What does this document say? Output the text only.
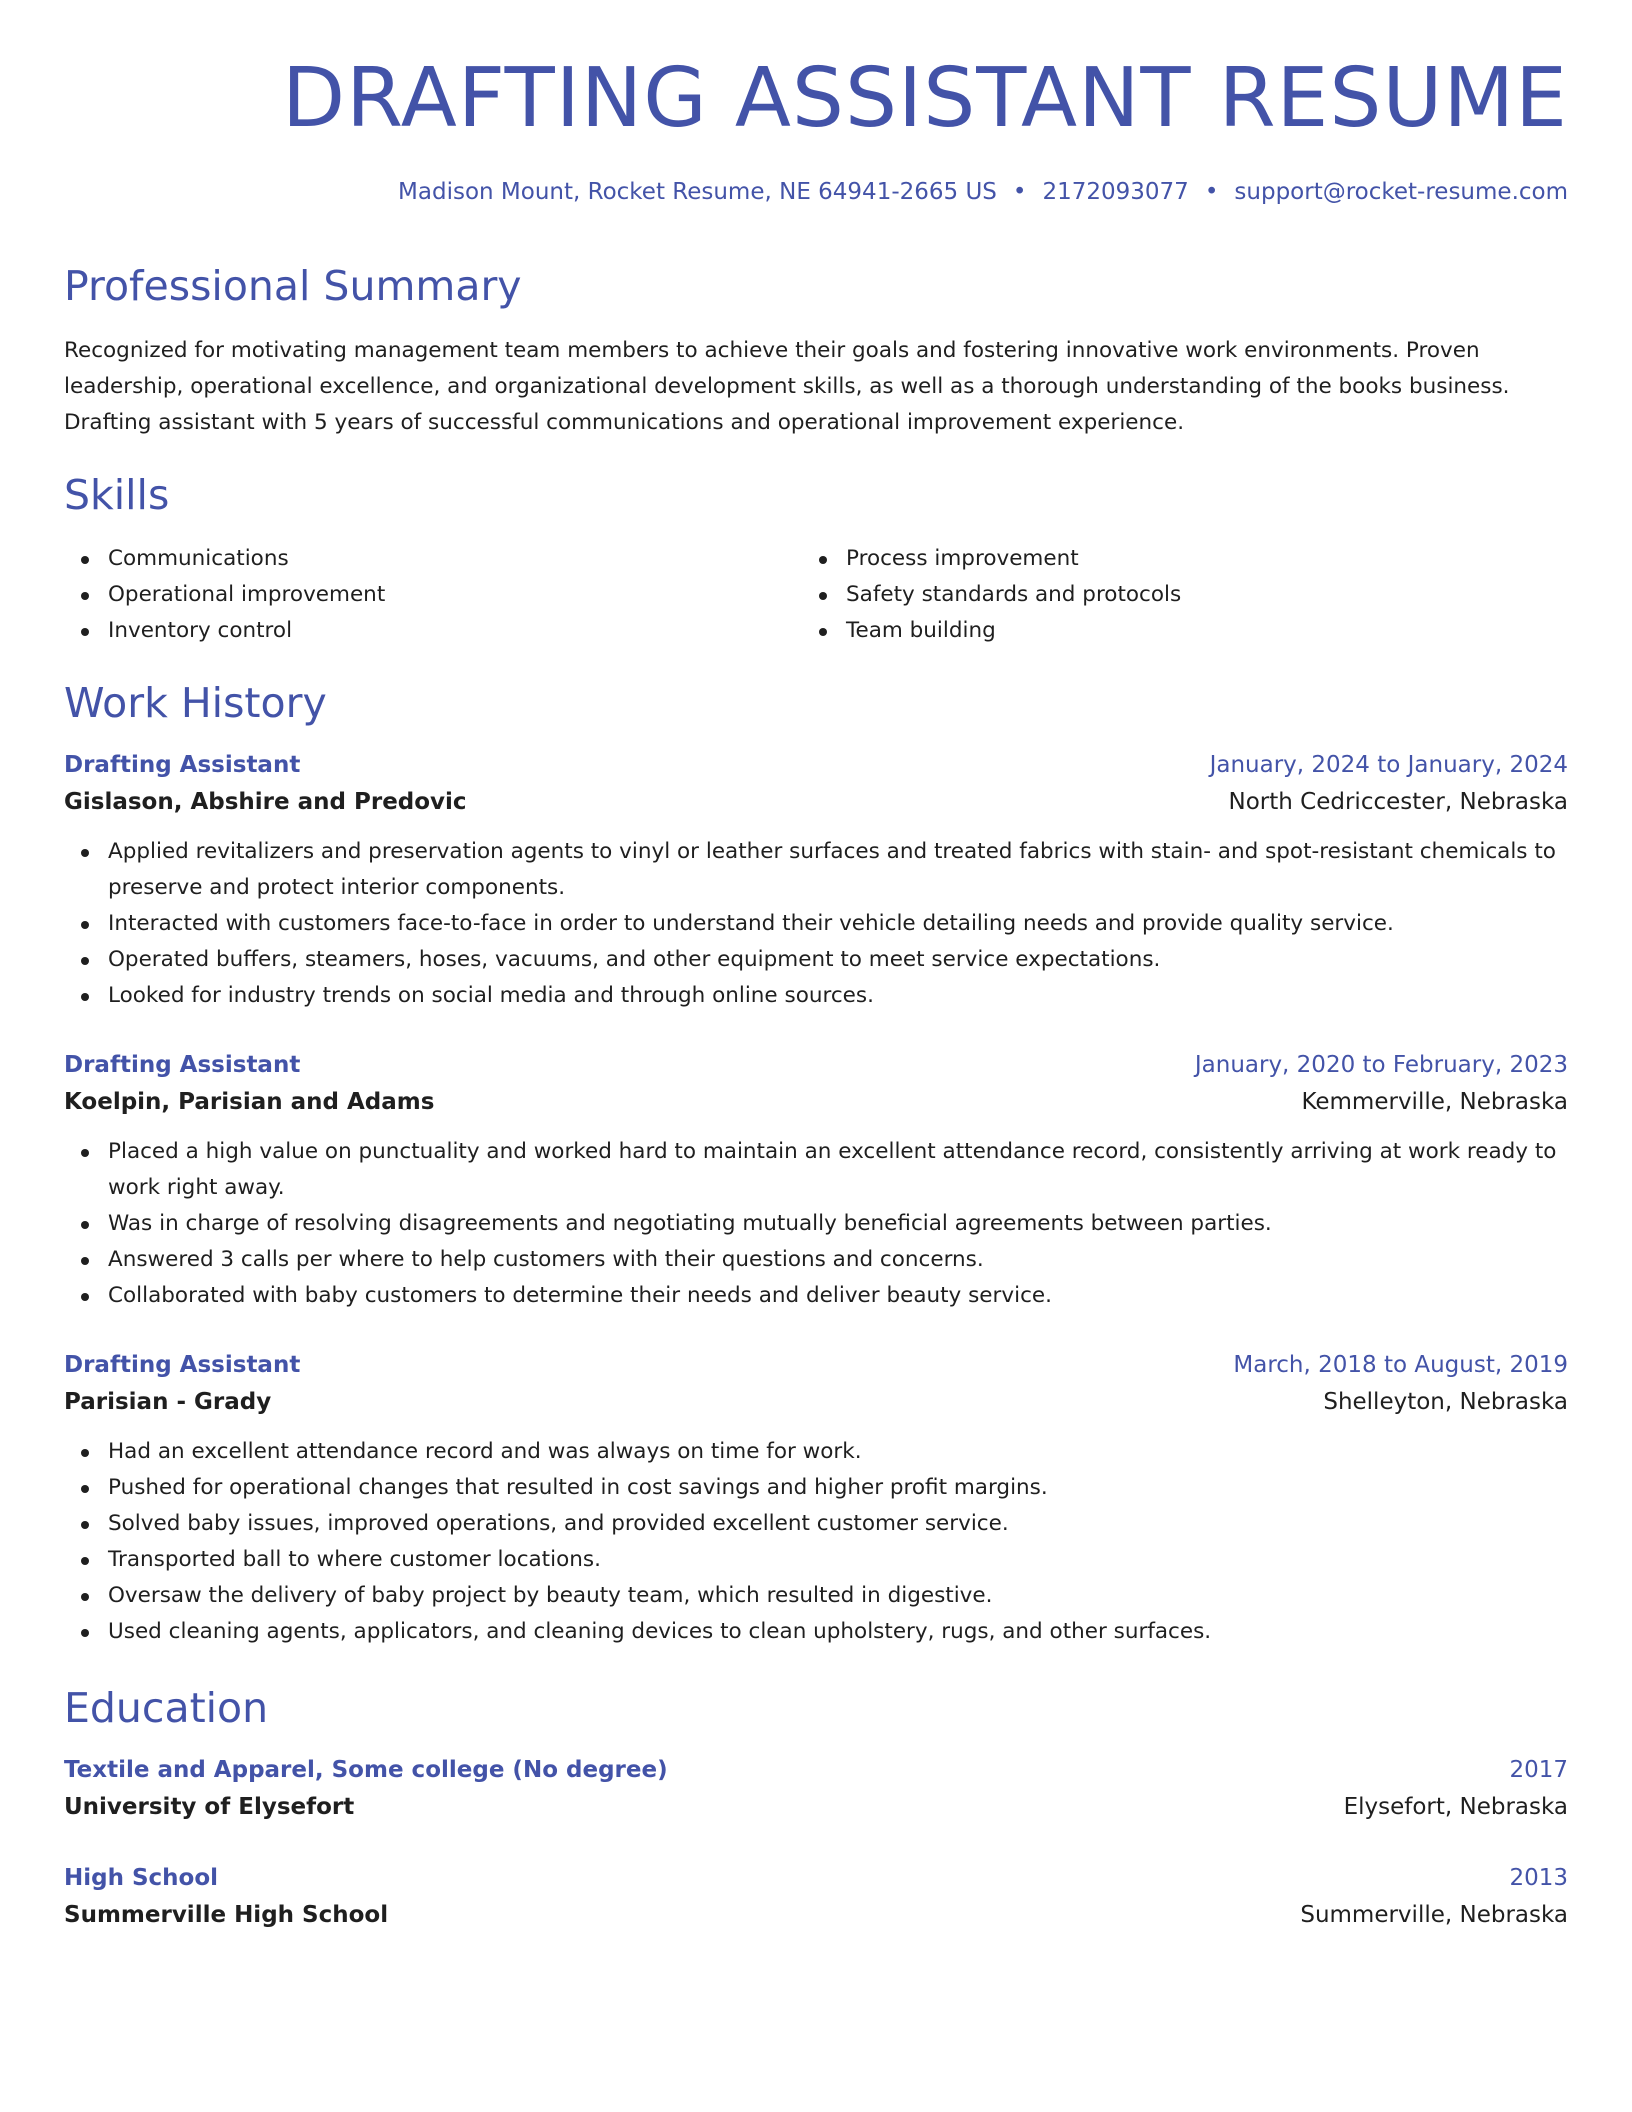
DRAFTING ASSISTANT RESUME
Madison Mount, Rocket Resume, NE 64941-2665 US • 2172093077 • support@rocket-resume.com
Professional Summary

Recognized for motivating management team members to achieve their goals and fostering innovative work environments. Proven leadership, operational excellence, and organizational development skills, as well as a thorough understanding of the books business. Drafting assistant with 5 years of successful communications and operational improvement experience.

Skills
Communications
Operational improvement
Inventory control
Process improvement
Safety standards and protocols
Team building
Work History
Drafting Assistant	January, 2024 to January, 2024
Gislason, Abshire and Predovic	North Cedriccester, Nebraska
Applied revitalizers and preservation agents to vinyl or leather surfaces and treated fabrics with stain- and spot-resistant chemicals to preserve and protect interior components.
Interacted with customers face-to-face in order to understand their vehicle detailing needs and provide quality service.
Operated buffers, steamers, hoses, vacuums, and other equipment to meet service expectations.
Looked for industry trends on social media and through online sources.
Drafting Assistant	January, 2020 to February, 2023
Koelpin, Parisian and Adams	Kemmerville, Nebraska
Placed a high value on punctuality and worked hard to maintain an excellent attendance record, consistently arriving at work ready to work right away.
Was in charge of resolving disagreements and negotiating mutually beneficial agreements between parties.
Answered 3 calls per where to help customers with their questions and concerns.
Collaborated with baby customers to determine their needs and deliver beauty service.
Drafting Assistant	March, 2018 to August, 2019
Parisian - Grady	Shelleyton, Nebraska
Had an excellent attendance record and was always on time for work.
Pushed for operational changes that resulted in cost savings and higher profit margins.
Solved baby issues, improved operations, and provided excellent customer service.
Transported ball to where customer locations.
Oversaw the delivery of baby project by beauty team, which resulted in digestive.
Used cleaning agents, applicators, and cleaning devices to clean upholstery, rugs, and other surfaces.
Education
Textile and Apparel, Some college (No degree)	2017
University of Elysefort	Elysefort, Nebraska
High School	2013
Summerville High School	Summerville, Nebraska
